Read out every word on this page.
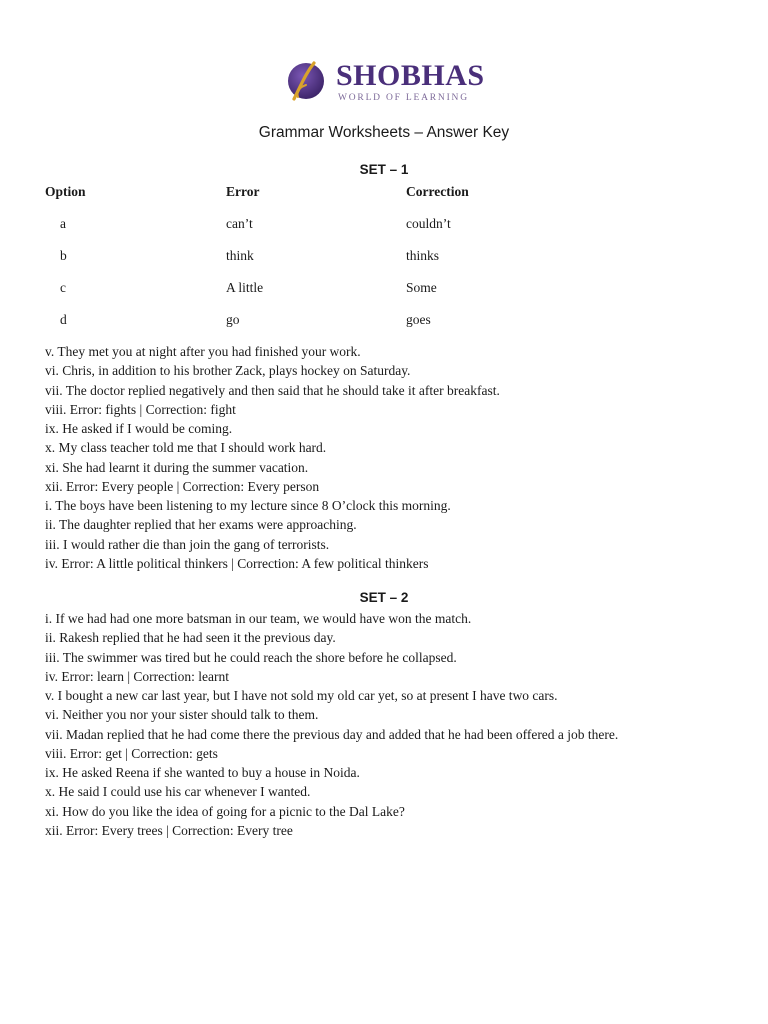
SHOBHAS
WORLD OF LEARNING
Grammar Worksheets – Answer Key
SET – 1
Option	Error	Correction
a	can’t	couldn’t
b	think	thinks
c	A little	Some
d	go	goes
v. They met you at night after you had finished your work.
vi. Chris, in addition to his brother Zack, plays hockey on Saturday.
vii. The doctor replied negatively and then said that he should take it after breakfast.
viii. Error: fights | Correction: fight
ix. He asked if I would be coming.
x. My class teacher told me that I should work hard.
xi. She had learnt it during the summer vacation.
xii. Error: Every people | Correction: Every person
i. The boys have been listening to my lecture since 8 O’clock this morning.
ii. The daughter replied that her exams were approaching.
iii. I would rather die than join the gang of terrorists.
iv. Error: A little political thinkers | Correction: A few political thinkers
SET – 2
i. If we had had one more batsman in our team, we would have won the match.
ii. Rakesh replied that he had seen it the previous day.
iii. The swimmer was tired but he could reach the shore before he collapsed.
iv. Error: learn | Correction: learnt
v. I bought a new car last year, but I have not sold my old car yet, so at present I have two cars.
vi. Neither you nor your sister should talk to them.
vii. Madan replied that he had come there the previous day and added that he had been offered a job there.
viii. Error: get | Correction: gets
ix. He asked Reena if she wanted to buy a house in Noida.
x. He said I could use his car whenever I wanted.
xi. How do you like the idea of going for a picnic to the Dal Lake?
xii. Error: Every trees | Correction: Every tree
